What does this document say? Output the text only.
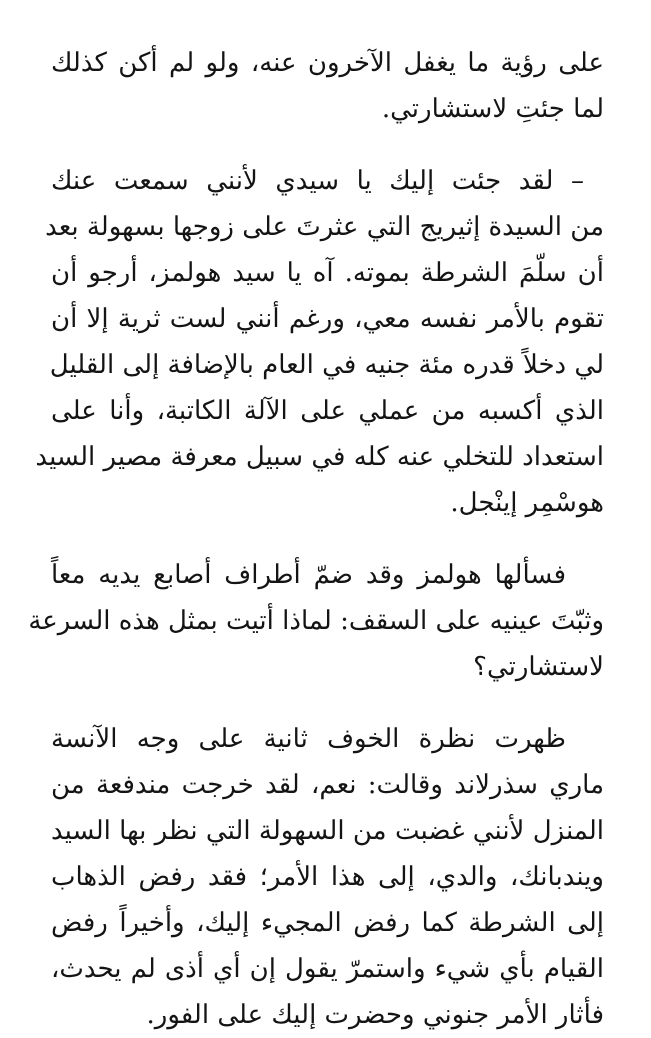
على رؤية ما يغفل الآخرون عنه، ولو لم أكن كذلك
لما جئتِ لاستشارتي.
– لقد جئت إليك يا سيدي لأنني سمعت عنك
من السيدة إثيريج التي عثرتَ على زوجها بسهولة بعد
أن سلّمَ الشرطة بموته. آه يا سيد هولمز، أرجو أن
تقوم بالأمر نفسه معي، ورغم أنني لست ثرية إلا أن
لي دخلاً قدره مئة جنيه في العام بالإضافة إلى القليل
الذي أكسبه من عملي على الآلة الكاتبة، وأنا على
استعداد للتخلي عنه كله في سبيل معرفة مصير السيد
هوسْمِر إينْجل.
فسألها هولمز وقد ضمّ أطراف أصابع يديه معاً
وثبّتَ عينيه على السقف: لماذا أتيت بمثل هذه السرعة
لاستشارتي؟
ظهرت نظرة الخوف ثانية على وجه الآنسة
ماري سذرلاند وقالت: نعم، لقد خرجت مندفعة من
المنزل لأنني غضبت من السهولة التي نظر بها السيد
ويندبانك، والدي، إلى هذا الأمر؛ فقد رفض الذهاب
إلى الشرطة كما رفض المجيء إليك، وأخيراً رفض
القيام بأي شيء واستمرّ يقول إن أي أذى لم يحدث،
فأثار الأمر جنوني وحضرت إليك على الفور.
